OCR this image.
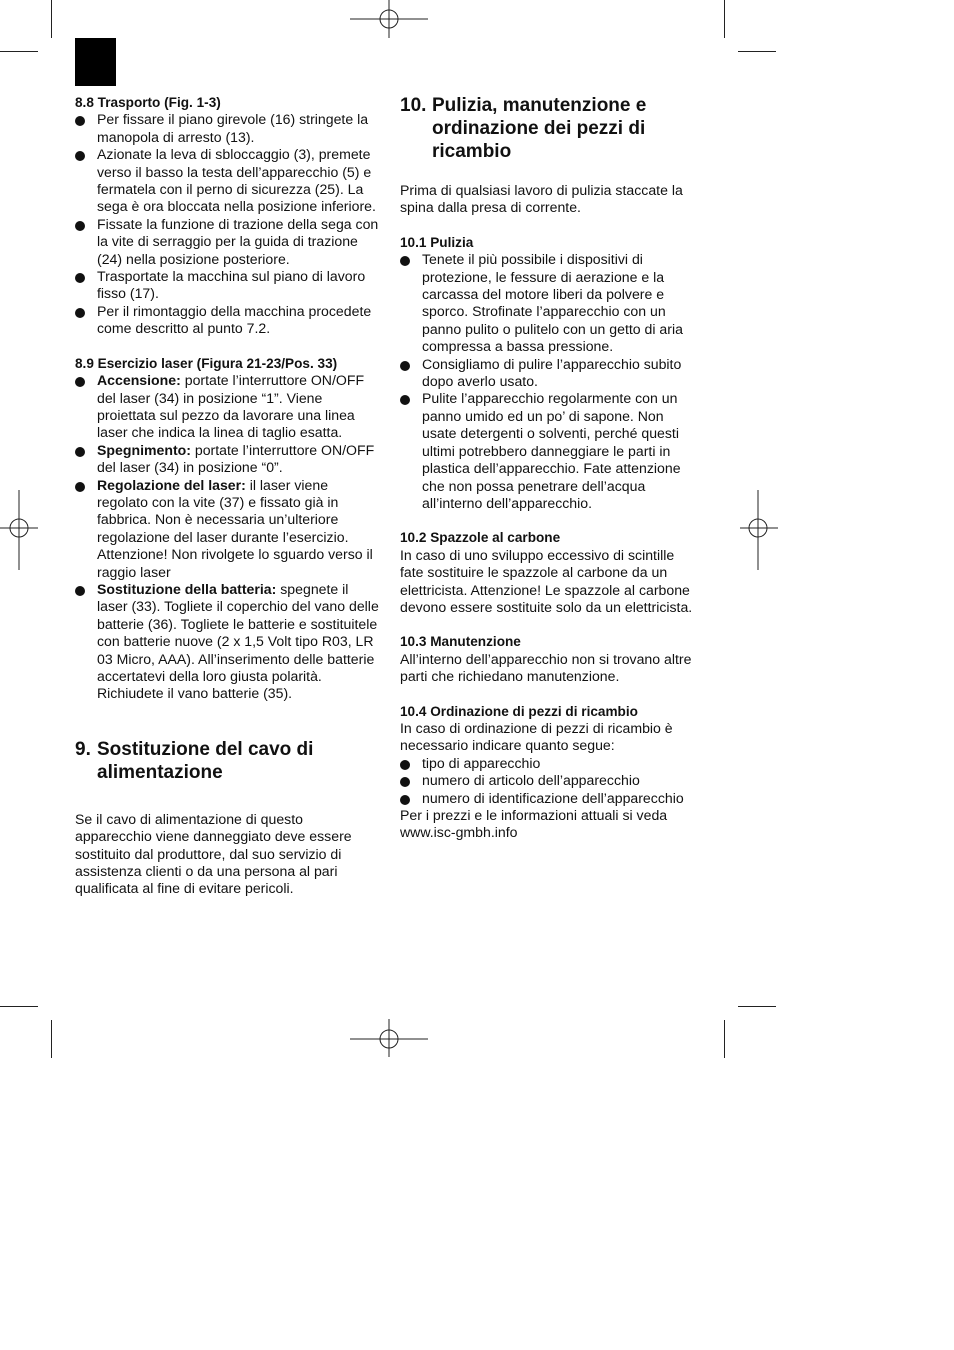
8.8 Trasporto (Fig. 1-3)

Per fissare il piano girevole (16) stringete la manopola di arresto (13).
Azionate la leva di sbloccaggio (3), premete verso il basso la testa dell’apparecchio (5) e fermatela con il perno di sicurezza (25). La sega è ora bloccata nella posizione inferiore.
Fissate la funzione di trazione della sega con la vite di serraggio per la guida di trazione (24) nella posizione posteriore.
Trasportate la macchina sul piano di lavoro fisso (17).
Per il rimontaggio della macchina procedete come descritto al punto 7.2.

8.9 Esercizio laser (Figura 21-23/Pos. 33)

Accensione: portate l’interruttore ON/OFF del laser (34) in posizione “1”. Viene proiettata sul pezzo da lavorare una linea laser che indica la linea di taglio esatta.
Spegnimento: portate l’interruttore ON/OFF del laser (34) in posizione “0”.
Regolazione del laser: il laser viene regolato con la vite (37) e fissato già in fabbrica. Non è necessaria un’ulteriore regolazione del laser durante l’esercizio. Attenzione! Non rivolgete lo sguardo verso il raggio laser
Sostituzione della batteria: spegnete il laser (33). Togliete il coperchio del vano delle batterie (36). Togliete le batterie e sostituitele con batterie nuove (2 x 1,5 Volt tipo R03, LR 03 Micro, AAA). All’inserimento delle batterie accertatevi della loro giusta polarità. Richiudete il vano batterie (35).
9. Sostituzione del cavo di alimentazione

Se il cavo di alimentazione di questo apparecchio viene danneggiato deve essere sostituito dal produttore, dal suo servizio di assistenza clienti o da una persona al pari qualificata al fine di evitare pericoli.

10. Pulizia, manutenzione e ordinazione dei pezzi di ricambio

Prima di qualsiasi lavoro di pulizia staccate la spina dalla presa di corrente.

10.1 Pulizia

Tenete il più possibile i dispositivi di protezione, le fessure di aerazione e la carcassa del motore liberi da polvere e sporco. Strofinate l’apparecchio con un panno pulito o pulitelo con un getto di aria compressa a bassa pressione.
Consigliamo di pulire l’apparecchio subito dopo averlo usato.
Pulite l’apparecchio regolarmente con un panno umido ed un po’ di sapone. Non usate detergenti o solventi, perché questi ultimi potrebbero danneggiare le parti in plastica dell’apparecchio. Fate attenzione che non possa penetrare dell’acqua all’interno dell’apparecchio.

10.2 Spazzole al carbone

In caso di uno sviluppo eccessivo di scintille fate sostituire le spazzole al carbone da un elettricista. Attenzione! Le spazzole al carbone devono essere sostituite solo da un elettricista.

10.3 Manutenzione

All’interno dell’apparecchio non si trovano altre parti che richiedano manutenzione.

10.4 Ordinazione di pezzi di ricambio

In caso di ordinazione di pezzi di ricambio è necessario indicare quanto segue:

tipo di apparecchio
numero di articolo dell’apparecchio
numero di identificazione dell’apparecchio

Per i prezzi e le informazioni attuali si veda www.isc-gmbh.info
